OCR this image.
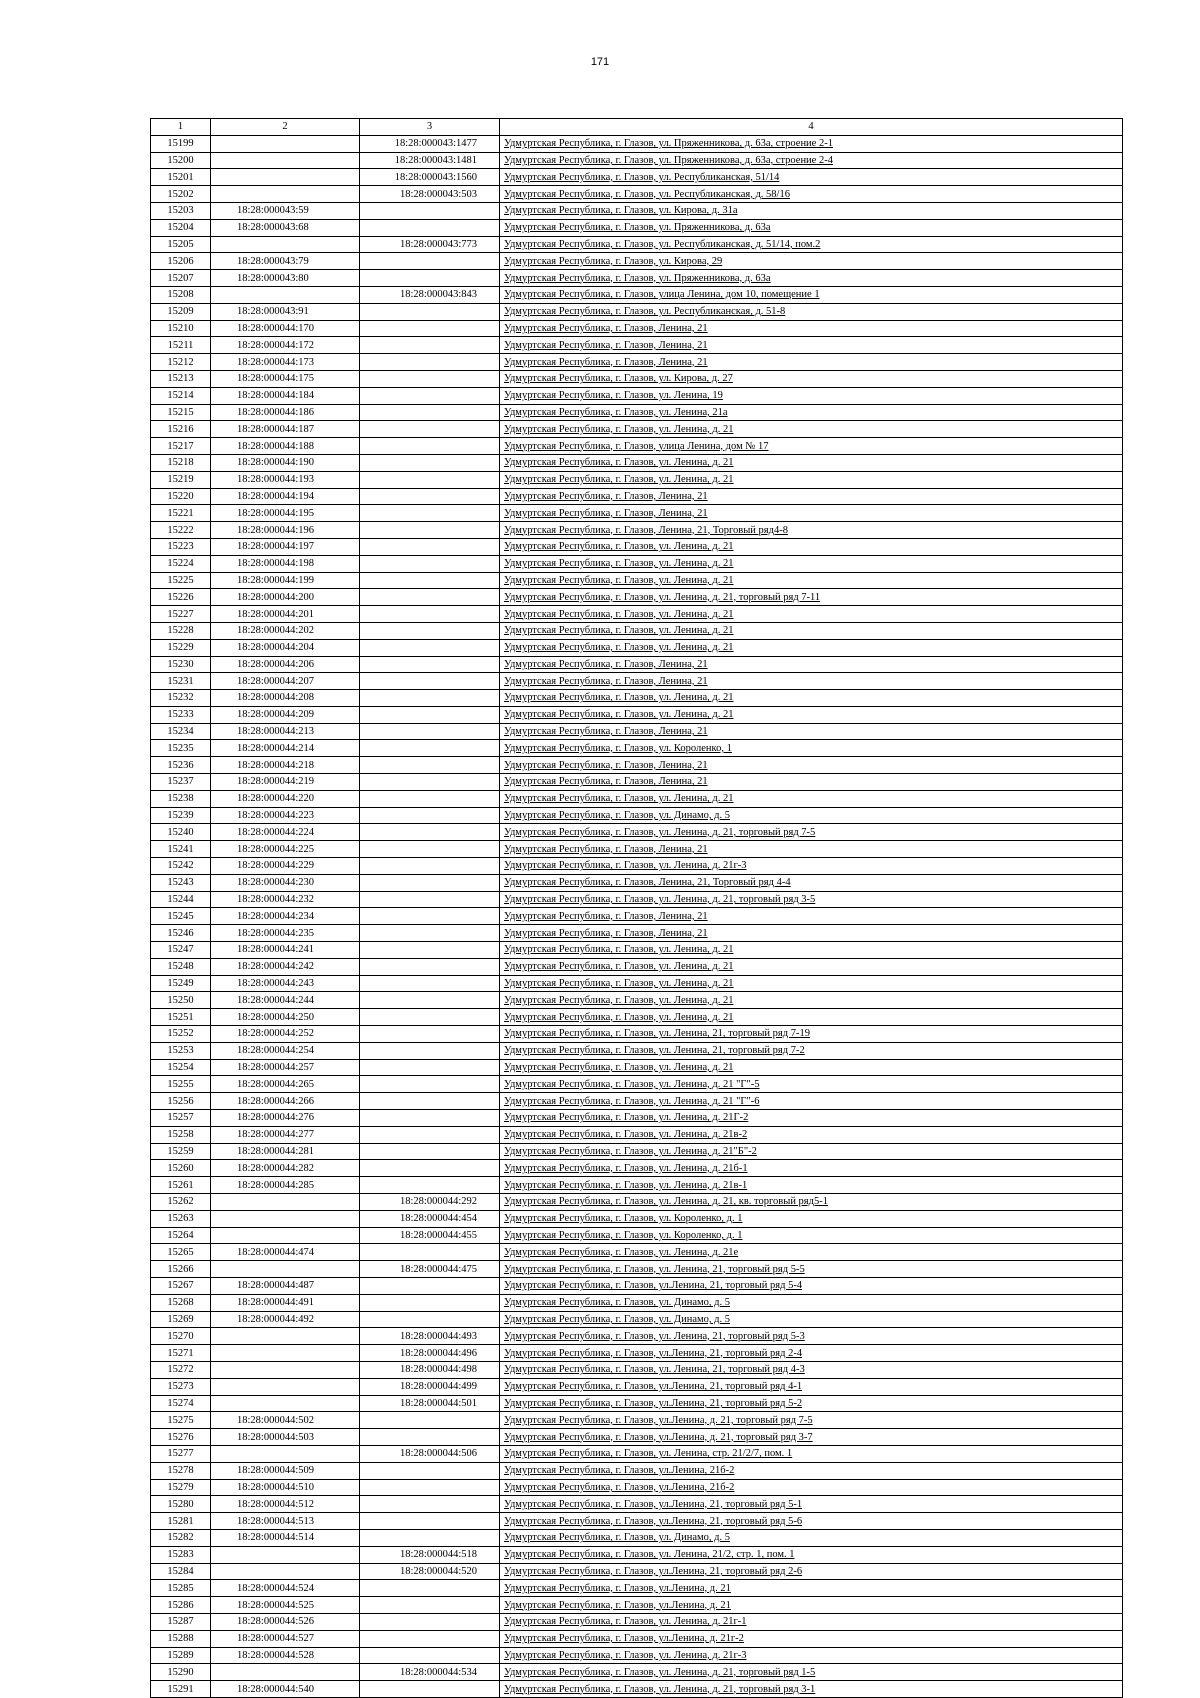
171
1	2	3	4
15199		18:28:000043:1477	Удмуртская Республика, г. Глазов, ул. Пряженникова, д. 63а, строение 2-1
15200		18:28:000043:1481	Удмуртская Республика, г. Глазов, ул. Пряженникова, д. 63а, строение 2-4
15201		18:28:000043:1560	Удмуртская Республика, г. Глазов, ул. Республиканская, 51/14
15202		18:28:000043:503	Удмуртская Республика, г. Глазов, ул. Республиканская, д. 58/16
15203	18:28:000043:59		Удмуртская Республика, г. Глазов, ул. Кирова, д. 31а
15204	18:28:000043:68		Удмуртская Республика, г. Глазов, ул. Пряженникова, д. 63а
15205		18:28:000043:773	Удмуртская Республика, г. Глазов, ул. Республиканская, д. 51/14, пом.2
15206	18:28:000043:79		Удмуртская Республика, г. Глазов, ул. Кирова, 29
15207	18:28:000043:80		Удмуртская Республика, г. Глазов, ул. Пряженникова, д. 63а
15208		18:28:000043:843	Удмуртская Республика, г. Глазов, улица Ленина, дом 10, помещение 1
15209	18:28:000043:91		Удмуртская Республика, г. Глазов, ул. Республиканская, д. 51-8
15210	18:28:000044:170		Удмуртская Республика, г. Глазов, Ленина, 21
15211	18:28:000044:172		Удмуртская Республика, г. Глазов, Ленина, 21
15212	18:28:000044:173		Удмуртская Республика, г. Глазов, Ленина, 21
15213	18:28:000044:175		Удмуртская Республика, г. Глазов, ул. Кирова, д. 27
15214	18:28:000044:184		Удмуртская Республика, г. Глазов, ул. Ленина, 19
15215	18:28:000044:186		Удмуртская Республика, г. Глазов, ул. Ленина, 21а
15216	18:28:000044:187		Удмуртская Республика, г. Глазов, ул. Ленина, д. 21
15217	18:28:000044:188		Удмуртская Республика, г. Глазов, улица Ленина, дом № 17
15218	18:28:000044:190		Удмуртская Республика, г. Глазов, ул. Ленина, д. 21
15219	18:28:000044:193		Удмуртская Республика, г. Глазов, ул. Ленина, д. 21
15220	18:28:000044:194		Удмуртская Республика, г. Глазов, Ленина, 21
15221	18:28:000044:195		Удмуртская Республика, г. Глазов, Ленина, 21
15222	18:28:000044:196		Удмуртская Республика, г. Глазов, Ленина, 21, Торговый ряд4-8
15223	18:28:000044:197		Удмуртская Республика, г. Глазов, ул. Ленина, д. 21
15224	18:28:000044:198		Удмуртская Республика, г. Глазов, ул. Ленина, д. 21
15225	18:28:000044:199		Удмуртская Республика, г. Глазов, ул. Ленина, д. 21
15226	18:28:000044:200		Удмуртская Республика, г. Глазов, ул. Ленина, д. 21, торговый ряд 7-11
15227	18:28:000044:201		Удмуртская Республика, г. Глазов, ул. Ленина, д. 21
15228	18:28:000044:202		Удмуртская Республика, г. Глазов, ул. Ленина, д. 21
15229	18:28:000044:204		Удмуртская Республика, г. Глазов, ул. Ленина, д. 21
15230	18:28:000044:206		Удмуртская Республика, г. Глазов, Ленина, 21
15231	18:28:000044:207		Удмуртская Республика, г. Глазов, Ленина, 21
15232	18:28:000044:208		Удмуртская Республика, г. Глазов, ул. Ленина, д. 21
15233	18:28:000044:209		Удмуртская Республика, г. Глазов, ул. Ленина, д. 21
15234	18:28:000044:213		Удмуртская Республика, г. Глазов, Ленина, 21
15235	18:28:000044:214		Удмуртская Республика, г. Глазов, ул. Короленко, 1
15236	18:28:000044:218		Удмуртская Республика, г. Глазов, Ленина, 21
15237	18:28:000044:219		Удмуртская Республика, г. Глазов, Ленина, 21
15238	18:28:000044:220		Удмуртская Республика, г. Глазов, ул. Ленина, д. 21
15239	18:28:000044:223		Удмуртская Республика, г. Глазов, ул. Динамо, д. 5
15240	18:28:000044:224		Удмуртская Республика, г. Глазов, ул. Ленина, д. 21, торговый ряд 7-5
15241	18:28:000044:225		Удмуртская Республика, г. Глазов, Ленина, 21
15242	18:28:000044:229		Удмуртская Республика, г. Глазов, ул. Ленина, д. 21г-3
15243	18:28:000044:230		Удмуртская Республика, г. Глазов, Ленина, 21, Торговый ряд 4-4
15244	18:28:000044:232		Удмуртская Республика, г. Глазов, ул. Ленина, д. 21, торговый ряд 3-5
15245	18:28:000044:234		Удмуртская Республика, г. Глазов, Ленина, 21
15246	18:28:000044:235		Удмуртская Республика, г. Глазов, Ленина, 21
15247	18:28:000044:241		Удмуртская Республика, г. Глазов, ул. Ленина, д. 21
15248	18:28:000044:242		Удмуртская Республика, г. Глазов, ул. Ленина, д. 21
15249	18:28:000044:243		Удмуртская Республика, г. Глазов, ул. Ленина, д. 21
15250	18:28:000044:244		Удмуртская Республика, г. Глазов, ул. Ленина, д. 21
15251	18:28:000044:250		Удмуртская Республика, г. Глазов, ул. Ленина, д. 21
15252	18:28:000044:252		Удмуртская Республика, г. Глазов, ул. Ленина, 21, торговый ряд 7-19
15253	18:28:000044:254		Удмуртская Республика, г. Глазов, ул. Ленина, 21, торговый ряд 7-2
15254	18:28:000044:257		Удмуртская Республика, г. Глазов, ул. Ленина, д. 21
15255	18:28:000044:265		Удмуртская Республика, г. Глазов, ул. Ленина, д. 21 "Г"-5
15256	18:28:000044:266		Удмуртская Республика, г. Глазов, ул. Ленина, д. 21 "Г"-6
15257	18:28:000044:276		Удмуртская Республика, г. Глазов, ул. Ленина, д. 21Г-2
15258	18:28:000044:277		Удмуртская Республика, г. Глазов, ул. Ленина, д. 21в-2
15259	18:28:000044:281		Удмуртская Республика, г. Глазов, ул. Ленина, д. 21"Б"-2
15260	18:28:000044:282		Удмуртская Республика, г. Глазов, ул. Ленина, д. 21б-1
15261	18:28:000044:285		Удмуртская Республика, г. Глазов, ул. Ленина, д. 21в-1
15262		18:28:000044:292	Удмуртская Республика, г. Глазов, ул. Ленина, д. 21, кв. торговый ряд5-1
15263		18:28:000044:454	Удмуртская Республика, г. Глазов, ул. Короленко, д. 1
15264		18:28:000044:455	Удмуртская Республика, г. Глазов, ул. Короленко, д. 1
15265	18:28:000044:474		Удмуртская Республика, г. Глазов, ул. Ленина, д. 21е
15266		18:28:000044:475	Удмуртская Республика, г. Глазов, ул. Ленина, 21, торговый ряд 5-5
15267	18:28:000044:487		Удмуртская Республика, г. Глазов, ул.Ленина, 21, торговый ряд 5-4
15268	18:28:000044:491		Удмуртская Республика, г. Глазов, ул. Динамо, д. 5
15269	18:28:000044:492		Удмуртская Республика, г. Глазов, ул. Динамо, д. 5
15270		18:28:000044:493	Удмуртская Республика, г. Глазов, ул. Ленина, 21, торговый ряд 5-3
15271		18:28:000044:496	Удмуртская Республика, г. Глазов, ул.Ленина, 21, торговый ряд 2-4
15272		18:28:000044:498	Удмуртская Республика, г. Глазов, ул. Ленина, 21, торговый ряд 4-3
15273		18:28:000044:499	Удмуртская Республика, г. Глазов, ул.Ленина, 21, торговый ряд 4-1
15274		18:28:000044:501	Удмуртская Республика, г. Глазов, ул.Ленина, 21, торговый ряд 5-2
15275	18:28:000044:502		Удмуртская Республика, г. Глазов, ул.Ленина, д. 21, торговый ряд 7-5
15276	18:28:000044:503		Удмуртская Республика, г. Глазов, ул.Ленина, д. 21, торговый ряд 3-7
15277		18:28:000044:506	Удмуртская Республика, г. Глазов, ул. Ленина, стр. 21/2/7, пом. 1
15278	18:28:000044:509		Удмуртская Республика, г. Глазов, ул.Ленина, 21б-2
15279	18:28:000044:510		Удмуртская Республика, г. Глазов, ул.Ленина, 21б-2
15280	18:28:000044:512		Удмуртская Республика, г. Глазов, ул.Ленина, 21, торговый ряд 5-1
15281	18:28:000044:513		Удмуртская Республика, г. Глазов, ул.Ленина, 21, торговый ряд 5-6
15282	18:28:000044:514		Удмуртская Республика, г. Глазов, ул. Динамо, д. 5
15283		18:28:000044:518	Удмуртская Республика, г. Глазов, ул. Ленина, 21/2, стр. 1, пом. 1
15284		18:28:000044:520	Удмуртская Республика, г. Глазов, ул.Ленина, 21, торговый ряд 2-6
15285	18:28:000044:524		Удмуртская Республика, г. Глазов, ул.Ленина, д. 21
15286	18:28:000044:525		Удмуртская Республика, г. Глазов, ул.Ленина, д. 21
15287	18:28:000044:526		Удмуртская Республика, г. Глазов, ул. Ленина, д. 21г-1
15288	18:28:000044:527		Удмуртская Республика, г. Глазов, ул.Ленина, д. 21г-2
15289	18:28:000044:528		Удмуртская Республика, г. Глазов, ул. Ленина, д. 21г-3
15290		18:28:000044:534	Удмуртская Республика, г. Глазов, ул. Ленина, д. 21, торговый ряд 1-5
15291	18:28:000044:540		Удмуртская Республика, г. Глазов, ул. Ленина, д. 21, торговый ряд 3-1
